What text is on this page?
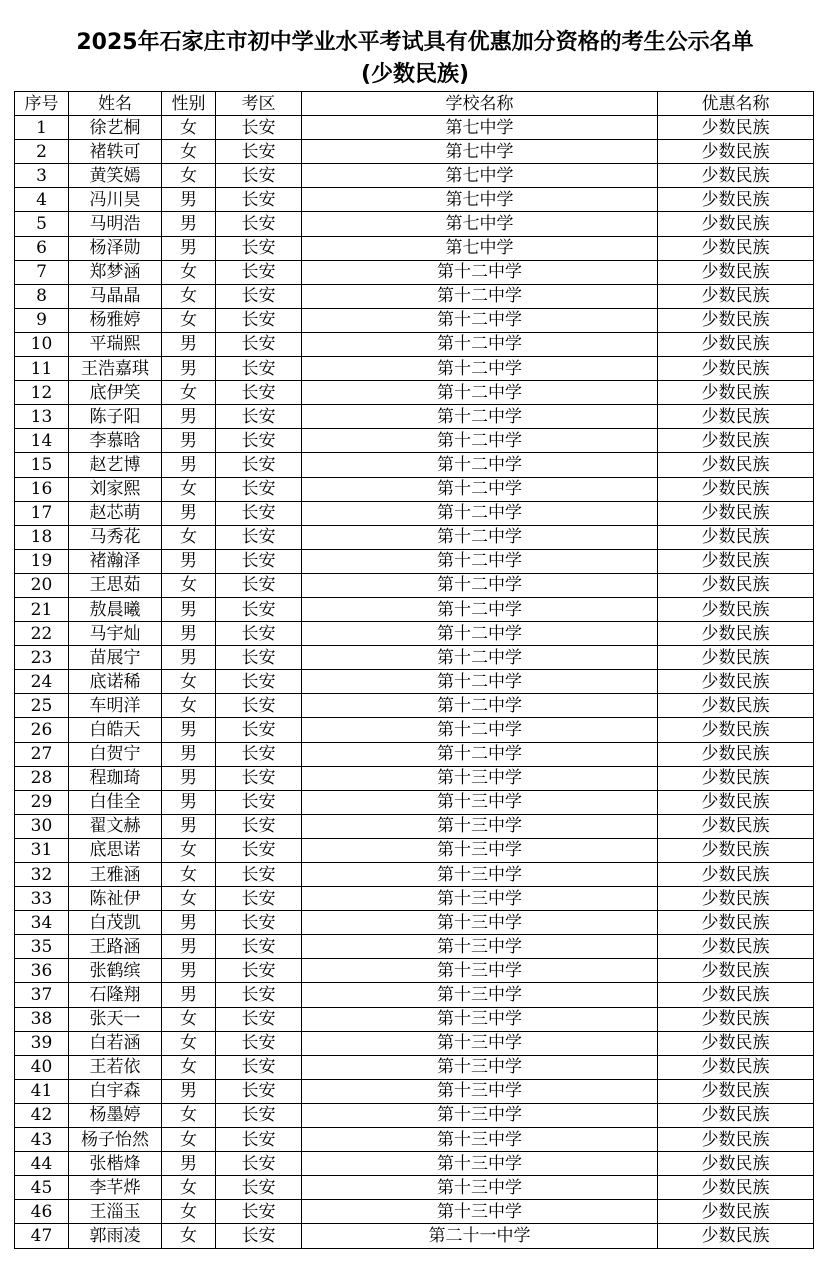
2025年石家庄市初中学业水平考试具有优惠加分资格的考生公示名单
(少数民族)
序号	姓名	性别	考区	学校名称	优惠名称
1	徐艺桐	女	长安	第七中学	少数民族
2	褚轶可	女	长安	第七中学	少数民族
3	黄笑嫣	女	长安	第七中学	少数民族
4	冯川昊	男	长安	第七中学	少数民族
5	马明浩	男	长安	第七中学	少数民族
6	杨泽勋	男	长安	第七中学	少数民族
7	郑梦涵	女	长安	第十二中学	少数民族
8	马晶晶	女	长安	第十二中学	少数民族
9	杨雅婷	女	长安	第十二中学	少数民族
10	平瑞熙	男	长安	第十二中学	少数民族
11	王浩嘉琪	男	长安	第十二中学	少数民族
12	底伊笑	女	长安	第十二中学	少数民族
13	陈子阳	男	长安	第十二中学	少数民族
14	李慕晗	男	长安	第十二中学	少数民族
15	赵艺博	男	长安	第十二中学	少数民族
16	刘家熙	女	长安	第十二中学	少数民族
17	赵芯萌	男	长安	第十二中学	少数民族
18	马秀花	女	长安	第十二中学	少数民族
19	褚瀚泽	男	长安	第十二中学	少数民族
20	王思茹	女	长安	第十二中学	少数民族
21	敖晨曦	男	长安	第十二中学	少数民族
22	马宇灿	男	长安	第十二中学	少数民族
23	苗展宁	男	长安	第十二中学	少数民族
24	底诺稀	女	长安	第十二中学	少数民族
25	车明洋	女	长安	第十二中学	少数民族
26	白皓天	男	长安	第十二中学	少数民族
27	白贺宁	男	长安	第十二中学	少数民族
28	程珈琦	男	长安	第十三中学	少数民族
29	白佳全	男	长安	第十三中学	少数民族
30	翟文赫	男	长安	第十三中学	少数民族
31	底思诺	女	长安	第十三中学	少数民族
32	王雅涵	女	长安	第十三中学	少数民族
33	陈祉伊	女	长安	第十三中学	少数民族
34	白茂凯	男	长安	第十三中学	少数民族
35	王路涵	男	长安	第十三中学	少数民族
36	张鹤缤	男	长安	第十三中学	少数民族
37	石隆翔	男	长安	第十三中学	少数民族
38	张天一	女	长安	第十三中学	少数民族
39	白若涵	女	长安	第十三中学	少数民族
40	王若依	女	长安	第十三中学	少数民族
41	白宇森	男	长安	第十三中学	少数民族
42	杨墨婷	女	长安	第十三中学	少数民族
43	杨子怡然	女	长安	第十三中学	少数民族
44	张楷烽	男	长安	第十三中学	少数民族
45	李芊烨	女	长安	第十三中学	少数民族
46	王淄玉	女	长安	第十三中学	少数民族
47	郭雨凌	女	长安	第二十一中学	少数民族
